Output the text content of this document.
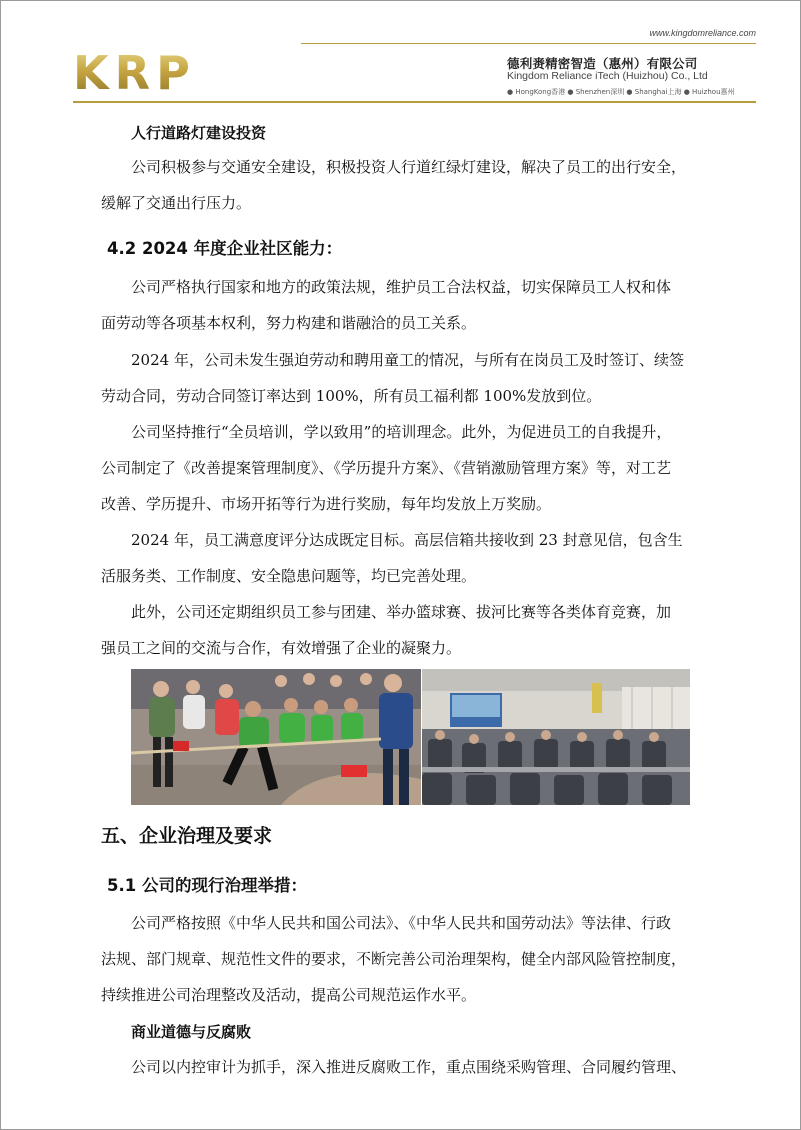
www.kingdomreliance.com
KRP	德利赉精密智造（惠州）有限公司
Kingdom Reliance iTech (Huizhou) Co., Ltd
● HongKong香港 ● Shenzhen深圳 ● Shanghai上海 ● Huizhou惠州
人行道路灯建设投资
公司积极参与交通安全建设，积极投资人行道红绿灯建设，解决了员工的出行安全，
缓解了交通出行压力。
4.2 2024 年度企业社区能力：
公司严格执行国家和地方的政策法规，维护员工合法权益，切实保障员工人权和体
面劳动等各项基本权利，努力构建和谐融洽的员工关系。
2024 年，公司未发生强迫劳动和聘用童工的情况，与所有在岗员工及时签订、续签
劳动合同，劳动合同签订率达到 100%，所有员工福利都 100%发放到位。
公司坚持推行“全员培训，学以致用”的培训理念。此外，为促进员工的自我提升，
公司制定了《改善提案管理制度》、《学历提升方案》、《营销激励管理方案》等，对工艺
改善、学历提升、市场开拓等行为进行奖励，每年均发放上万奖励。
2024 年，员工满意度评分达成既定目标。高层信箱共接收到 23 封意见信，包含生
活服务类、工作制度、安全隐患问题等，均已完善处理。
此外，公司还定期组织员工参与团建、举办篮球赛、拔河比赛等各类体育竞赛，加
强员工之间的交流与合作，有效增强了企业的凝聚力。
五、企业治理及要求
5.1 公司的现行治理举措：
公司严格按照《中华人民共和国公司法》、《中华人民共和国劳动法》等法律、行政
法规、部门规章、规范性文件的要求，不断完善公司治理架构，健全内部风险管控制度，
持续推进公司治理整改及活动，提高公司规范运作水平。
商业道德与反腐败
公司以内控审计为抓手，深入推进反腐败工作，重点围绕采购管理、合同履约管理、
